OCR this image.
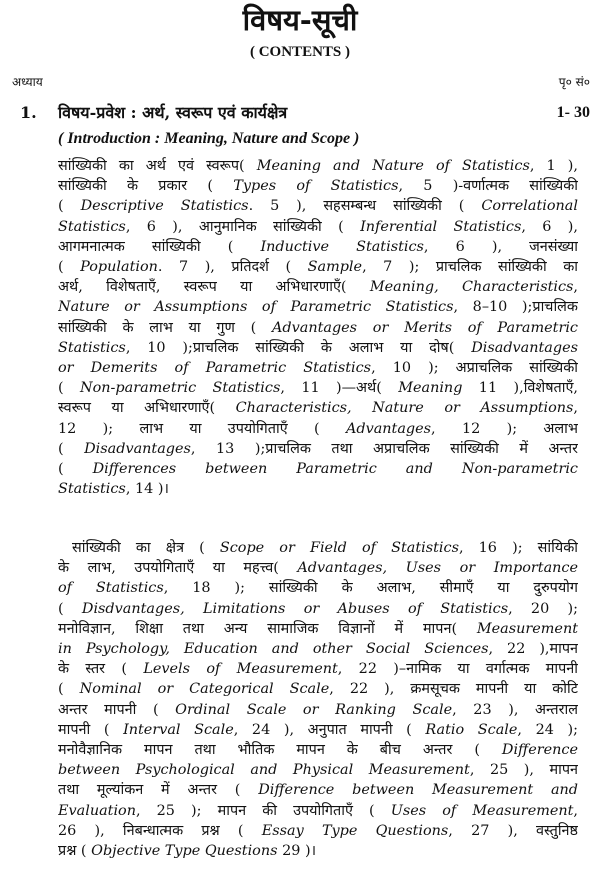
विषय-सूची
( CONTENTS )
अध्याय	पृ० सं०
1. विषय-प्रवेश : अर्थ, स्वरूप एवं कार्यक्षेत्र	1- 30
( Introduction : Meaning, Nature and Scope )
सांख्यिकी का अर्थ एवं स्वरूप( Meaning and Nature of Statistics, 1 ),
सांख्यिकी के प्रकार ( Types of Statistics, 5 )-वर्णात्मक सांख्यिकी
( Descriptive Statistics. 5 ), सहसम्बन्ध सांख्यिकी ( Correlational
Statistics, 6 ), आनुमानिक सांख्यिकी ( Inferential Statistics, 6 ),
आगमनात्मक सांख्यिकी ( Inductive Statistics, 6 ), जनसंख्या
( Population. 7 ), प्रतिदर्श ( Sample, 7 ); प्राचलिक सांख्यिकी का
अर्थ, विशेषताएँ, स्वरूप या अभिधारणाएँ( Meaning, Characteristics,
Nature or Assumptions of Parametric Statistics, 8–10 );प्राचलिक
सांख्यिकी के लाभ या गुण ( Advantages or Merits of Parametric
Statistics, 10 );प्राचलिक सांख्यिकी के अलाभ या दोष( Disadvantages
or Demerits of Parametric Statistics, 10 ); अप्राचलिक सांख्यिकी
( Non-parametric Statistics, 11 )—अर्थ( Meaning 11 ),विशेषताएँ,
स्वरूप या अभिधारणाएँ( Characteristics, Nature or Assumptions,
12 ); लाभ या उपयोगिताएँ ( Advantages, 12 ); अलाभ
( Disadvantages, 13 );प्राचलिक तथा अप्राचलिक सांख्यिकी में अन्तर
( Differences between Parametric and Non-parametric
Statistics, 14 )।
सांख्यिकी का क्षेत्र ( Scope or Field of Statistics, 16 ); सांयिकी
के लाभ, उपयोगिताएँ या महत्त्व( Advantages, Uses or Importance
of Statistics, 18 ); सांख्यिकी के अलाभ, सीमाएँ या दुरुपयोग
( Disdvantages, Limitations or Abuses of Statistics, 20 );
मनोविज्ञान, शिक्षा तथा अन्य सामाजिक विज्ञानों में मापन( Measurement
in Psychology, Education and other Social Sciences, 22 ),मापन
के स्तर ( Levels of Measurement, 22 )–नामिक या वर्गात्मक मापनी
( Nominal or Categorical Scale, 22 ), क्रमसूचक मापनी या कोटि
अन्तर मापनी ( Ordinal Scale or Ranking Scale, 23 ), अन्तराल
मापनी ( Interval Scale, 24 ), अनुपात मापनी ( Ratio Scale, 24 );
मनोवैज्ञानिक मापन तथा भौतिक मापन के बीच अन्तर ( Difference
between Psychological and Physical Measurement, 25 ), मापन
तथा मूल्यांकन में अन्तर ( Difference between Measurement and
Evaluation, 25 ); मापन की उपयोगिताएँ ( Uses of Measurement,
26 ), निबन्धात्मक प्रश्न ( Essay Type Questions, 27 ), वस्तुनिष्ठ
प्रश्न ( Objective Type Questions 29 )।
